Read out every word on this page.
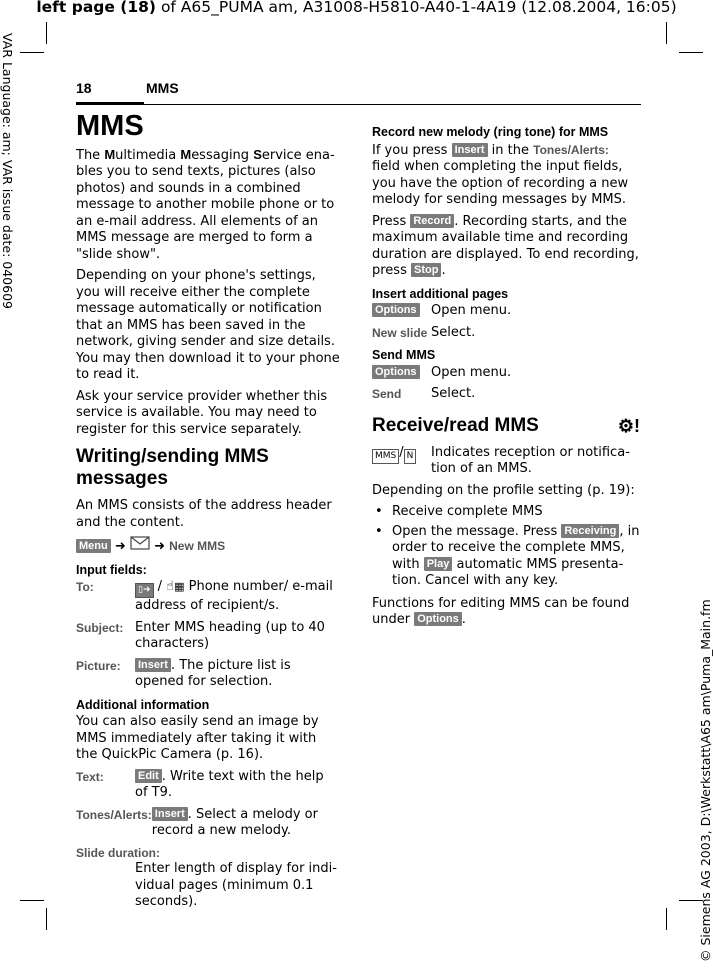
left page (18) of A65_PUMA am, A31008-H5810-A40-1-4A19 (12.08.2004, 16:05)
VAR Language: am; VAR issue date: 040609
© Siemens AG 2003, D:\Werkstatt\A65 am\Puma_Main.fm
18	MMS
MMS

The Multimedia Messaging Service enables you to send texts, pictures (also photos) and sounds in a combined message to another mobile phone or to an e-mail address. All elements of an MMS message are merged to form a "slide show".

Depending on your phone's settings, you will receive either the complete message automatically or notification that an MMS has been saved in the network, giving sender and size details. You may then download it to your phone to read it.

Ask your service provider whether this service is available. You may need to register for this service separately.

Writing/sending MMS messages

An MMS consists of the address header and the content.

Menu ➜ ➜ New MMS

Input fields:
To:	▯➜ / ☝▦ Phone number/ e-mail address of recipient/s.
Subject: Enter MMS heading (up to 40 characters)
Picture:	Insert . The picture list is opened for selection.
Additional information

You can also easily send an image by MMS immediately after taking it with the QuickPic Camera (p. 16).

Text:	Edit . Write text with the help of T9.
Tones/Alerts: Insert . Select a melody or record a new melody.
Slide duration:
Enter length of display for individual pages (minimum 0.1 seconds).
Record new melody (ring tone) for MMS

If you press Insert in the Tones/Alerts: field when completing the input fields, you have the option of recording a new melody for sending messages by MMS.

Press Record . Recording starts, and the maximum available time and recording duration are displayed. To end recording, press Stop .

Insert additional pages
Options	Open menu.
New slide Select.
Send MMS
Options	Open menu.
Send	Select.
Receive/read MMS	⚙!
MMS / N	Indicates reception or notification of an MMS.

Depending on the profile setting (p. 19):

• Receive complete MMS
• Open the message. Press Receiving , in order to receive the complete MMS, with Play automatic MMS presentation. Cancel with any key.

Functions for editing MMS can be found under Options .
